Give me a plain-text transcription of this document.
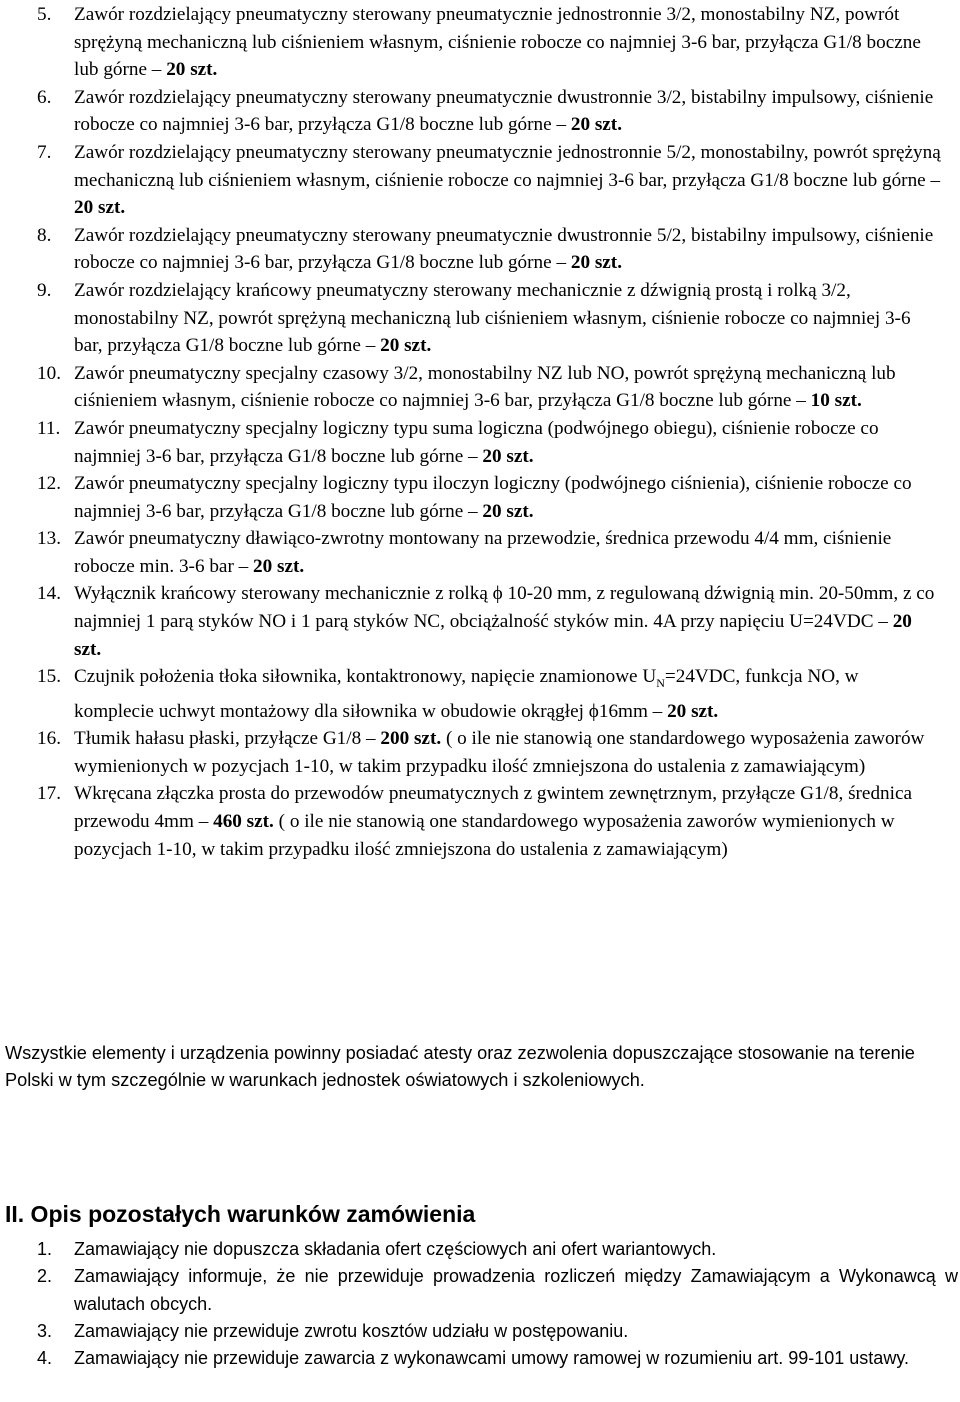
5. Zawór rozdzielający pneumatyczny sterowany pneumatycznie jednostronnie 3/2, monostabilny NZ, powrót sprężyną mechaniczną lub ciśnieniem własnym, ciśnienie robocze co najmniej 3-6 bar, przyłącza G1/8 boczne lub górne – 20 szt.
6. Zawór rozdzielający pneumatyczny sterowany pneumatycznie dwustronnie 3/2, bistabilny impulsowy, ciśnienie robocze co najmniej 3-6 bar, przyłącza G1/8 boczne lub górne – 20 szt.
7. Zawór rozdzielający pneumatyczny sterowany pneumatycznie jednostronnie 5/2, monostabilny, powrót sprężyną mechaniczną lub ciśnieniem własnym, ciśnienie robocze co najmniej 3-6 bar, przyłącza G1/8 boczne lub górne – 20 szt.
8. Zawór rozdzielający pneumatyczny sterowany pneumatycznie dwustronnie 5/2, bistabilny impulsowy, ciśnienie robocze co najmniej 3-6 bar, przyłącza G1/8 boczne lub górne – 20 szt.
9. Zawór rozdzielający krańcowy pneumatyczny sterowany mechanicznie z dźwignią prostą i rolką 3/2, monostabilny NZ, powrót sprężyną mechaniczną lub ciśnieniem własnym, ciśnienie robocze co najmniej 3-6 bar, przyłącza G1/8 boczne lub górne – 20 szt.
10. Zawór pneumatyczny specjalny czasowy 3/2, monostabilny NZ lub NO, powrót sprężyną mechaniczną lub ciśnieniem własnym, ciśnienie robocze co najmniej 3-6 bar, przyłącza G1/8 boczne lub górne – 10 szt.
11. Zawór pneumatyczny specjalny logiczny typu suma logiczna (podwójnego obiegu), ciśnienie robocze co najmniej 3-6 bar, przyłącza G1/8 boczne lub górne – 20 szt.
12. Zawór pneumatyczny specjalny logiczny typu iloczyn logiczny (podwójnego ciśnienia), ciśnienie robocze co najmniej 3-6 bar, przyłącza G1/8 boczne lub górne – 20 szt.
13. Zawór pneumatyczny dławiąco-zwrotny montowany na przewodzie, średnica przewodu 4/4 mm, ciśnienie robocze min. 3-6 bar – 20 szt.
14. Wyłącznik krańcowy sterowany mechanicznie z rolką ϕ 10-20 mm, z regulowaną dźwignią min. 20-50mm, z co najmniej 1 parą styków NO i 1 parą styków NC, obciążalność styków min. 4A przy napięciu U=24VDC – 20 szt.
15. Czujnik położenia tłoka siłownika, kontaktronowy, napięcie znamionowe $U_N=24VDC$, funkcja NO, w komplecie uchwyt montażowy dla siłownika w obudowie okrągłej ϕ16mm – 20 szt.
16. Tłumik hałasu płaski, przyłącze G1/8 – 200 szt. ( o ile nie stanowią one standardowego wyposażenia zaworów wymienionych w pozycjach 1-10, w takim przypadku ilość zmniejszona do ustalenia z zamawiającym)
17. Wkręcana złączka prosta do przewodów pneumatycznych z gwintem zewnętrznym, przyłącze G1/8, średnica przewodu 4mm – 460 szt. ( o ile nie stanowią one standardowego wyposażenia zaworów wymienionych w pozycjach 1-10, w takim przypadku ilość zmniejszona do ustalenia z zamawiającym)

Wszystkie elementy i urządzenia powinny posiadać atesty oraz zezwolenia dopuszczające stosowanie na terenie Polski w tym szczególnie w warunkach jednostek oświatowych i szkoleniowych.

II. Opis pozostałych warunków zamówienia
1. Zamawiający nie dopuszcza składania ofert częściowych ani ofert wariantowych.
2. Zamawiający informuje, że nie przewiduje prowadzenia rozliczeń między Zamawiającym a Wykonawcą w walutach obcych.
3. Zamawiający nie przewiduje zwrotu kosztów udziału w postępowaniu.
4. Zamawiający nie przewiduje zawarcia z wykonawcami umowy ramowej w rozumieniu art. 99-101 ustawy.
